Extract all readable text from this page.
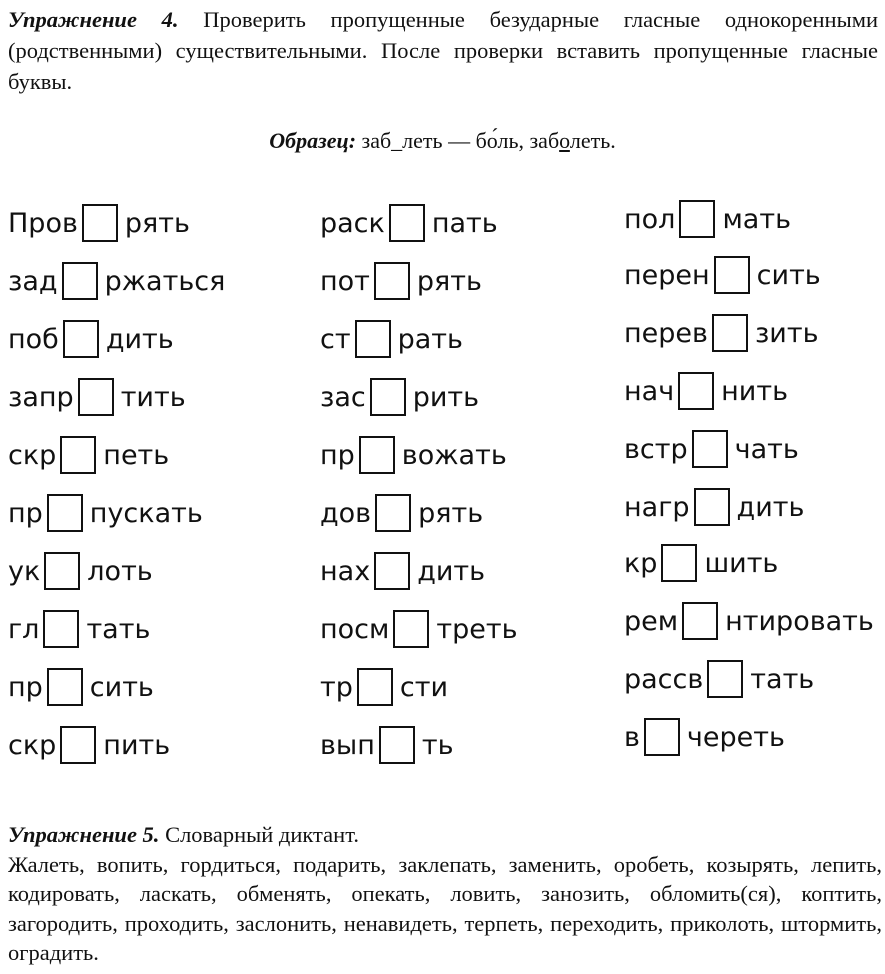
Упражнение 4. Проверить пропущенные безударные гласные однокоренными (родственными) существительными. После проверки вставить пропущенные гласные буквы.
Образец: заб_леть — бо́ль, заболеть.
Пров рять
зад ржаться
поб дить
запр тить
скр петь
пр пускать
ук лоть
гл тать
пр сить
скр пить
раск пать
пот рять
ст рать
зас рить
пр вожать
дов рять
нах дить
посм треть
тр сти
вып ть
пол мать
перен сить
перев зить
нач нить
встр чать
нагр дить
кр шить
рем нтировать
рассв тать
в череть
Упражнение 5. Словарный диктант.
Жалеть, вопить, гордиться, подарить, заклепать, заменить, оробеть, козырять, лепить, кодировать, ласкать, обменять, опекать, ловить, занозить, обломить(ся), коптить, загородить, проходить, заслонить, ненавидеть, терпеть, переходить, приколоть, штормить, оградить.
